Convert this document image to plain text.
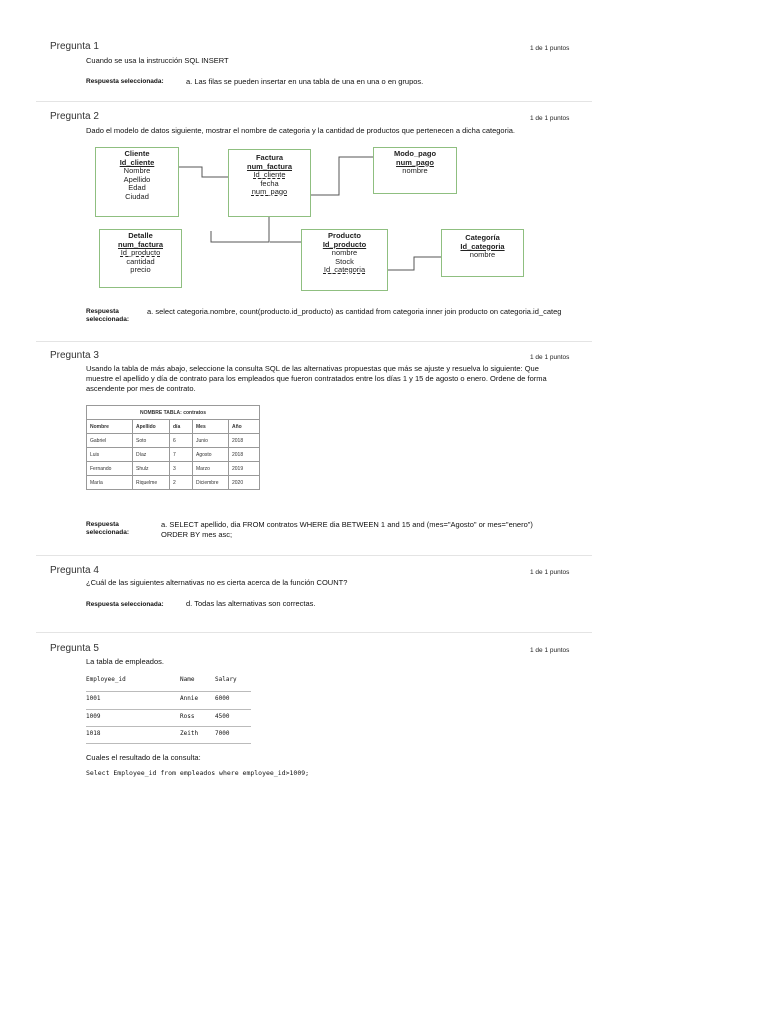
Pregunta 1	1 de 1 puntos
Cuando se usa la instrucción SQL INSERT
Respuesta seleccionada:	a. Las filas se pueden insertar en una tabla de una en una o en grupos.
Pregunta 2	1 de 1 puntos
Dado el modelo de datos siguiente, mostrar el nombre de categoria y la cantidad de productos que pertenecen a dicha categoria.
Cliente
Id_cliente
Nombre
Apellido
Edad
Ciudad
Factura
num_factura
Id_cliente
fecha
num_pago
Modo_pago
num_pago
nombre
Detalle
num_factura
Id_producto
cantidad
precio
Producto
Id_producto
nombre
Stock
Id_categoria
Categoría
Id_categoria
nombre
Respuesta
seleccionada:
a. select categoria.nombre, count(producto.id_producto) as cantidad from categoria inner join producto on categoria.id_categ
Pregunta 3	1 de 1 puntos
Usando la tabla de más abajo, seleccione la consulta SQL de las alternativas propuestas que más se ajuste y resuelva lo siguiente: Que
muestre el apellido y día de contrato para los empleados que fueron contratados entre los días 1 y 15 de agosto o enero. Ordene de forma
ascendente por mes de contrato.
NOMBRE TABLA: contratos				
Nombre	Apellido	día	Mes	Año
Gabriel	Soto	6	Junio	2018
Luis	Díaz	7	Agosto	2018
Fernando	Shulz	3	Marzo	2019
María	Riquelme	2	Diciembre	2020
Respuesta
seleccionada:
a. SELECT apellido, dia FROM contratos WHERE dia BETWEEN 1 and 15 and (mes="Agosto" or mes="enero")
ORDER BY mes asc;
Pregunta 4	1 de 1 puntos
¿Cuál de las siguientes alternativas no es cierta acerca de la función COUNT?
Respuesta seleccionada:	d. Todas las alternativas son correctas.
Pregunta 5	1 de 1 puntos
La tabla de empleados.
Employee_id	Name	Salary
1001	Annie	6000
1009	Ross	4500
1018	Zeith	7000
Cuales el resultado de la consulta:
Select Employee_id from empleados where employee_id>1009;
